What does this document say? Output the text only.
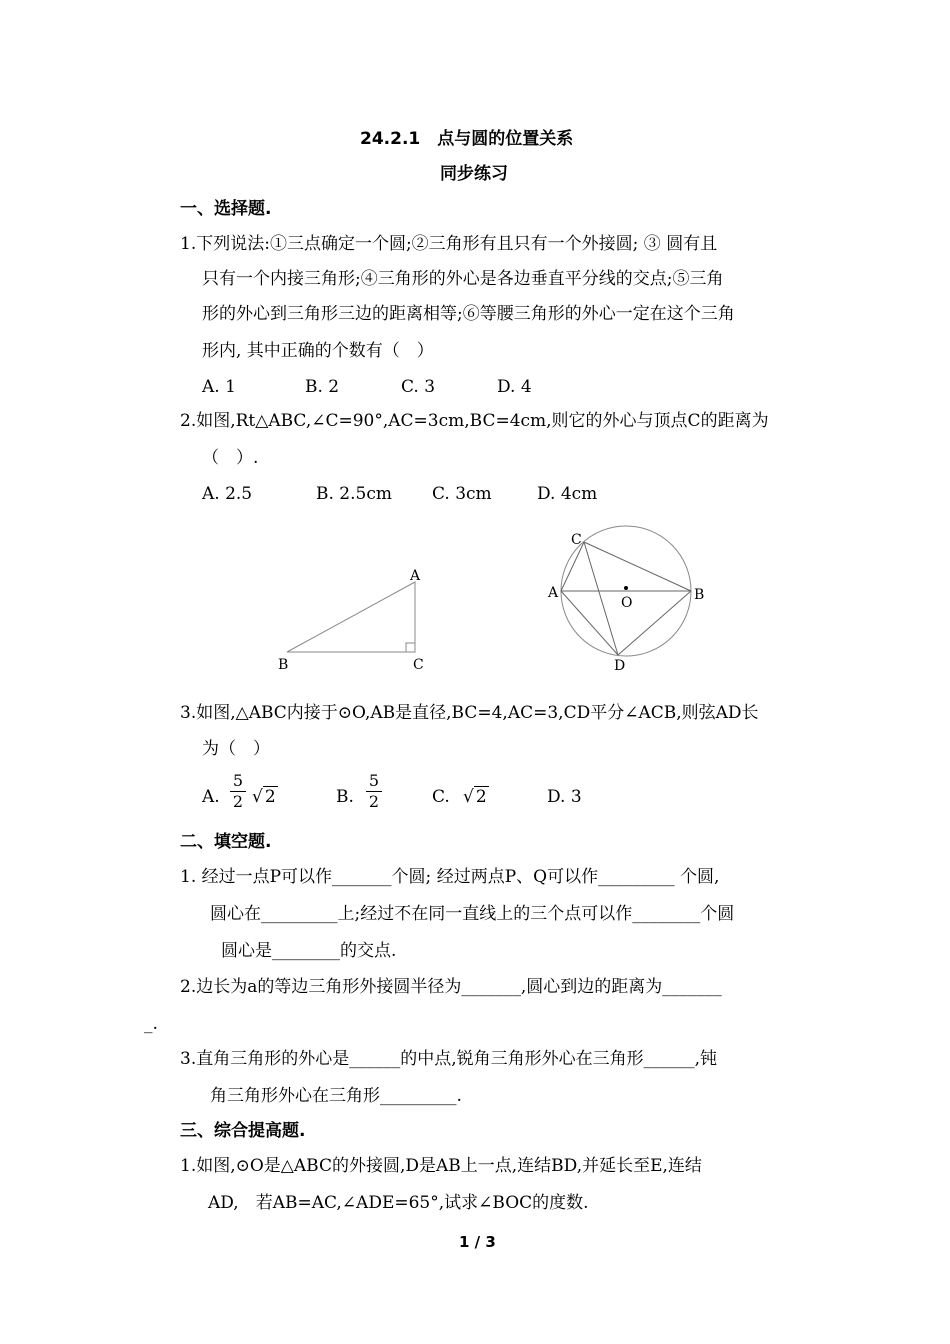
24.2.1　点与圆的位置关系
同步练习
一、选择题.
1.下列说法:①三点确定一个圆;②三角形有且只有一个外接圆; ③ 圆有且
只有一个内接三角形;④三角形的外心是各边垂直平分线的交点;⑤三角
形的外心到三角形三边的距离相等;⑥等腰三角形的外心一定在这个三角
形内, 其中正确的个数有（　）
A. 1	B. 2	C. 3	D. 4
2.如图,Rt△ABC,∠C=90°,AC=3cm,BC=4cm,则它的外心与顶点C的距离为
（　）.
A. 2.5	B. 2.5cm C. 3cm	D. 4cm
A
B	C
C
A
O	B
D
3.如图,△ABC内接于⊙O,AB是直径,BC=4,AC=3,CD平分∠ACB,则弦AD长
为（　）
A.
5
2 √ 2	B.
5
2	C. √ 2	D. 3
二、填空题.
1. 经过一点P可以作_______个圆; 经过两点P、Q可以作_________ 个圆,
圆心在_________上;经过不在同一直线上的三个点可以作________个圆
圆心是________的交点.
2.边长为a的等边三角形外接圆半径为_______,圆心到边的距离为_______
_.
3.直角三角形的外心是______的中点,锐角三角形外心在三角形______,钝
角三角形外心在三角形_________.
三、综合提高题.
1.如图,⊙O是△ABC的外接圆,D是AB上一点,连结BD,并延长至E,连结
AD,　若AB=AC,∠ADE=65°,试求∠BOC的度数.
1 / 3
